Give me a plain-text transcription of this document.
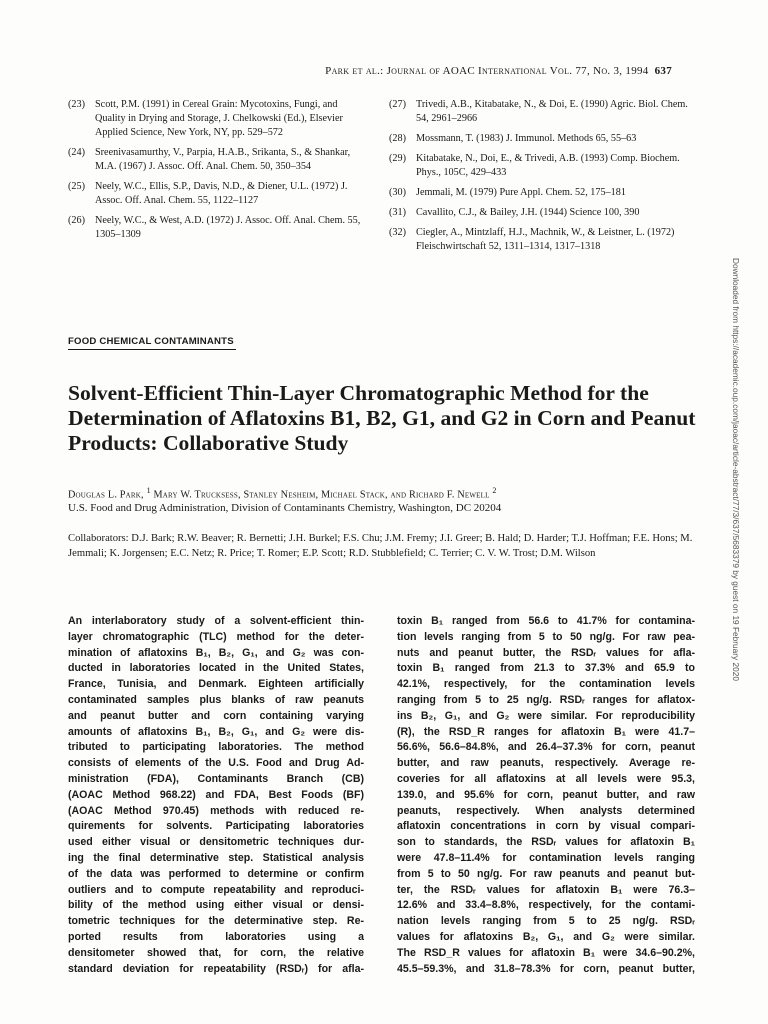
Park et al.: Journal of AOAC International Vol. 77, No. 3, 1994 637
(23) Scott, P.M. (1991) in Cereal Grain: Mycotoxins, Fungi, and Quality in Drying and Storage, J. Chelkowski (Ed.), Elsevier Applied Science, New York, NY, pp. 529–572
(24) Sreenivasamurthy, V., Parpia, H.A.B., Srikanta, S., & Shankar, M.A. (1967) J. Assoc. Off. Anal. Chem. 50, 350–354
(25) Neely, W.C., Ellis, S.P., Davis, N.D., & Diener, U.L. (1972) J. Assoc. Off. Anal. Chem. 55, 1122–1127
(26) Neely, W.C., & West, A.D. (1972) J. Assoc. Off. Anal. Chem. 55, 1305–1309
(27) Trivedi, A.B., Kitabatake, N., & Doi, E. (1990) Agric. Biol. Chem. 54, 2961–2966
(28) Mossmann, T. (1983) J. Immunol. Methods 65, 55–63
(29) Kitabatake, N., Doi, E., & Trivedi, A.B. (1993) Comp. Biochem. Phys., 105C, 429–433
(30) Jemmali, M. (1979) Pure Appl. Chem. 52, 175–181
(31) Cavallito, C.J., & Bailey, J.H. (1944) Science 100, 390
(32) Ciegler, A., Mintzlaff, H.J., Machnik, W., & Leistner, L. (1972) Fleischwirtschaft 52, 1311–1314, 1317–1318
FOOD CHEMICAL CONTAMINANTS
Solvent-Efficient Thin-Layer Chromatographic Method for the Determination of Aflatoxins B1, B2, G1, and G2 in Corn and Peanut Products: Collaborative Study
Douglas L. Park, $^1$ Mary W. Trucksess, Stanley Nesheim, Michael Stack, and Richard F. Newell $^2$
U.S. Food and Drug Administration, Division of Contaminants Chemistry, Washington, DC 20204
Collaborators: D.J. Bark; R.W. Beaver; R. Bernetti; J.H. Burkel; F.S. Chu; J.M. Fremy; J.I. Greer; B. Hald; D. Harder; T.J. Hoffman; F.E. Hons; M. Jemmali; K. Jorgensen; E.C. Netz; R. Price; T. Romer; E.P. Scott; R.D. Stubblefield; C. Terrier; C. V. W. Trost; D.M. Wilson
An interlaboratory study of a solvent-efficient thin-
layer chromatographic (TLC) method for the deter-
mination of aflatoxins B₁, B₂, G₁, and G₂ was con-
ducted in laboratories located in the United States,
France, Tunisia, and Denmark. Eighteen artificially
contaminated samples plus blanks of raw peanuts
and peanut butter and corn containing varying
amounts of aflatoxins B₁, B₂, G₁, and G₂ were dis-
tributed to participating laboratories. The method
consists of elements of the U.S. Food and Drug Ad-
ministration (FDA), Contaminants Branch (CB)
(AOAC Method 968.22) and FDA, Best Foods (BF)
(AOAC Method 970.45) methods with reduced re-
quirements for solvents. Participating laboratories
used either visual or densitometric techniques dur-
ing the final determinative step. Statistical analysis
of the data was performed to determine or confirm
outliers and to compute repeatability and reproduci-
bility of the method using either visual or densi-
tometric techniques for the determinative step. Re-
ported results from laboratories using a
densitometer showed that, for corn, the relative
standard deviation for repeatability (RSDᵣ) for afla-
toxin B₁ ranged from 56.6 to 41.7% for contamina-
tion levels ranging from 5 to 50 ng/g. For raw pea-
nuts and peanut butter, the RSDᵣ values for afla-
toxin B₁ ranged from 21.3 to 37.3% and 65.9 to
42.1%, respectively, for the contamination levels
ranging from 5 to 25 ng/g. RSDᵣ ranges for aflatox-
ins B₂, G₁, and G₂ were similar. For reproducibility
(R), the RSD_R ranges for aflatoxin B₁ were 41.7–
56.6%, 56.6–84.8%, and 26.4–37.3% for corn, peanut
butter, and raw peanuts, respectively. Average re-
coveries for all aflatoxins at all levels were 95.3,
139.0, and 95.6% for corn, peanut butter, and raw
peanuts, respectively. When analysts determined
aflatoxin concentrations in corn by visual compari-
son to standards, the RSDᵣ values for aflatoxin B₁
were 47.8–11.4% for contamination levels ranging
from 5 to 50 ng/g. For raw peanuts and peanut but-
ter, the RSDᵣ values for aflatoxin B₁ were 76.3–
12.6% and 33.4–8.8%, respectively, for the contami-
nation levels ranging from 5 to 25 ng/g. RSDᵣ
values for aflatoxins B₂, G₁, and G₂ were similar.
The RSD_R values for aflatoxin B₁ were 34.6–90.2%,
45.5–59.3%, and 31.8–78.3% for corn, peanut butter,
Downloaded from https://academic.oup.com/jaoac/article-abstract/77/3/637/5683379 by guest on 19 February 2020
